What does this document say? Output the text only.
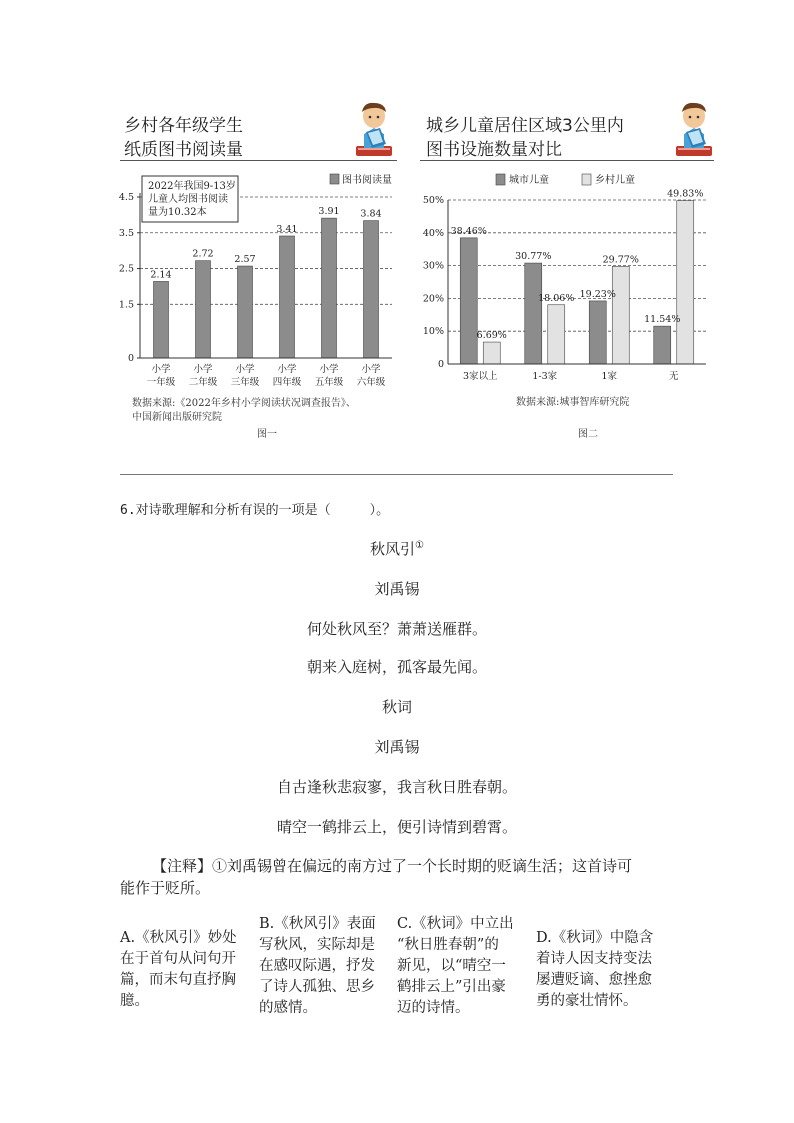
乡村各年级学生
纸质图书阅读量
2.14
2.72 2.57
3.41
3.91 3.84
0
1.5
2.5
3.5
4.5
小学
一年级
小学
二年级
小学
三年级
小学
四年级
小学
五年级
小学
六年级
2022年我国9-13岁
儿童人均图书阅读
量为10.32本
图书阅读量
数据来源:《2022年乡村小学阅读状况调查报告》、
中国新闻出版研究院
图一
城乡儿童居住区域3公里内
图书设施数量对比
38.46%
6.69%
30.77%
18.06% 19.23%
29.77%
11.54%
49.83%
0
10%
20%
30%
40%
50%
3家以上	1-3家	1家	无
城市儿童	乡村儿童
数据来源:城事智库研究院
图二
6.对诗歌理解和分析有误的一项是（　　　）。
秋风引①
刘禹锡
何处秋风至？萧萧送雁群。
朝来入庭树，孤客最先闻。
秋词
刘禹锡
自古逢秋悲寂寥，我言秋日胜春朝。
晴空一鹤排云上，便引诗情到碧霄。
【注释】①刘禹锡曾在偏远的南方过了一个长时期的贬谪生活；这首诗可
能作于贬所。
A.《秋风引》妙处
在于首句从问句开
篇，而末句直抒胸
臆。
B.《秋风引》表面
写秋风，实际却是
在感叹际遇，抒发
了诗人孤独、思乡
的感情。
C.《秋词》中立出
“秋日胜春朝”的
新见，以“晴空一
鹤排云上”引出豪
迈的诗情。
D.《秋词》中隐含
着诗人因支持变法
屡遭贬谪、愈挫愈
勇的豪壮情怀。
